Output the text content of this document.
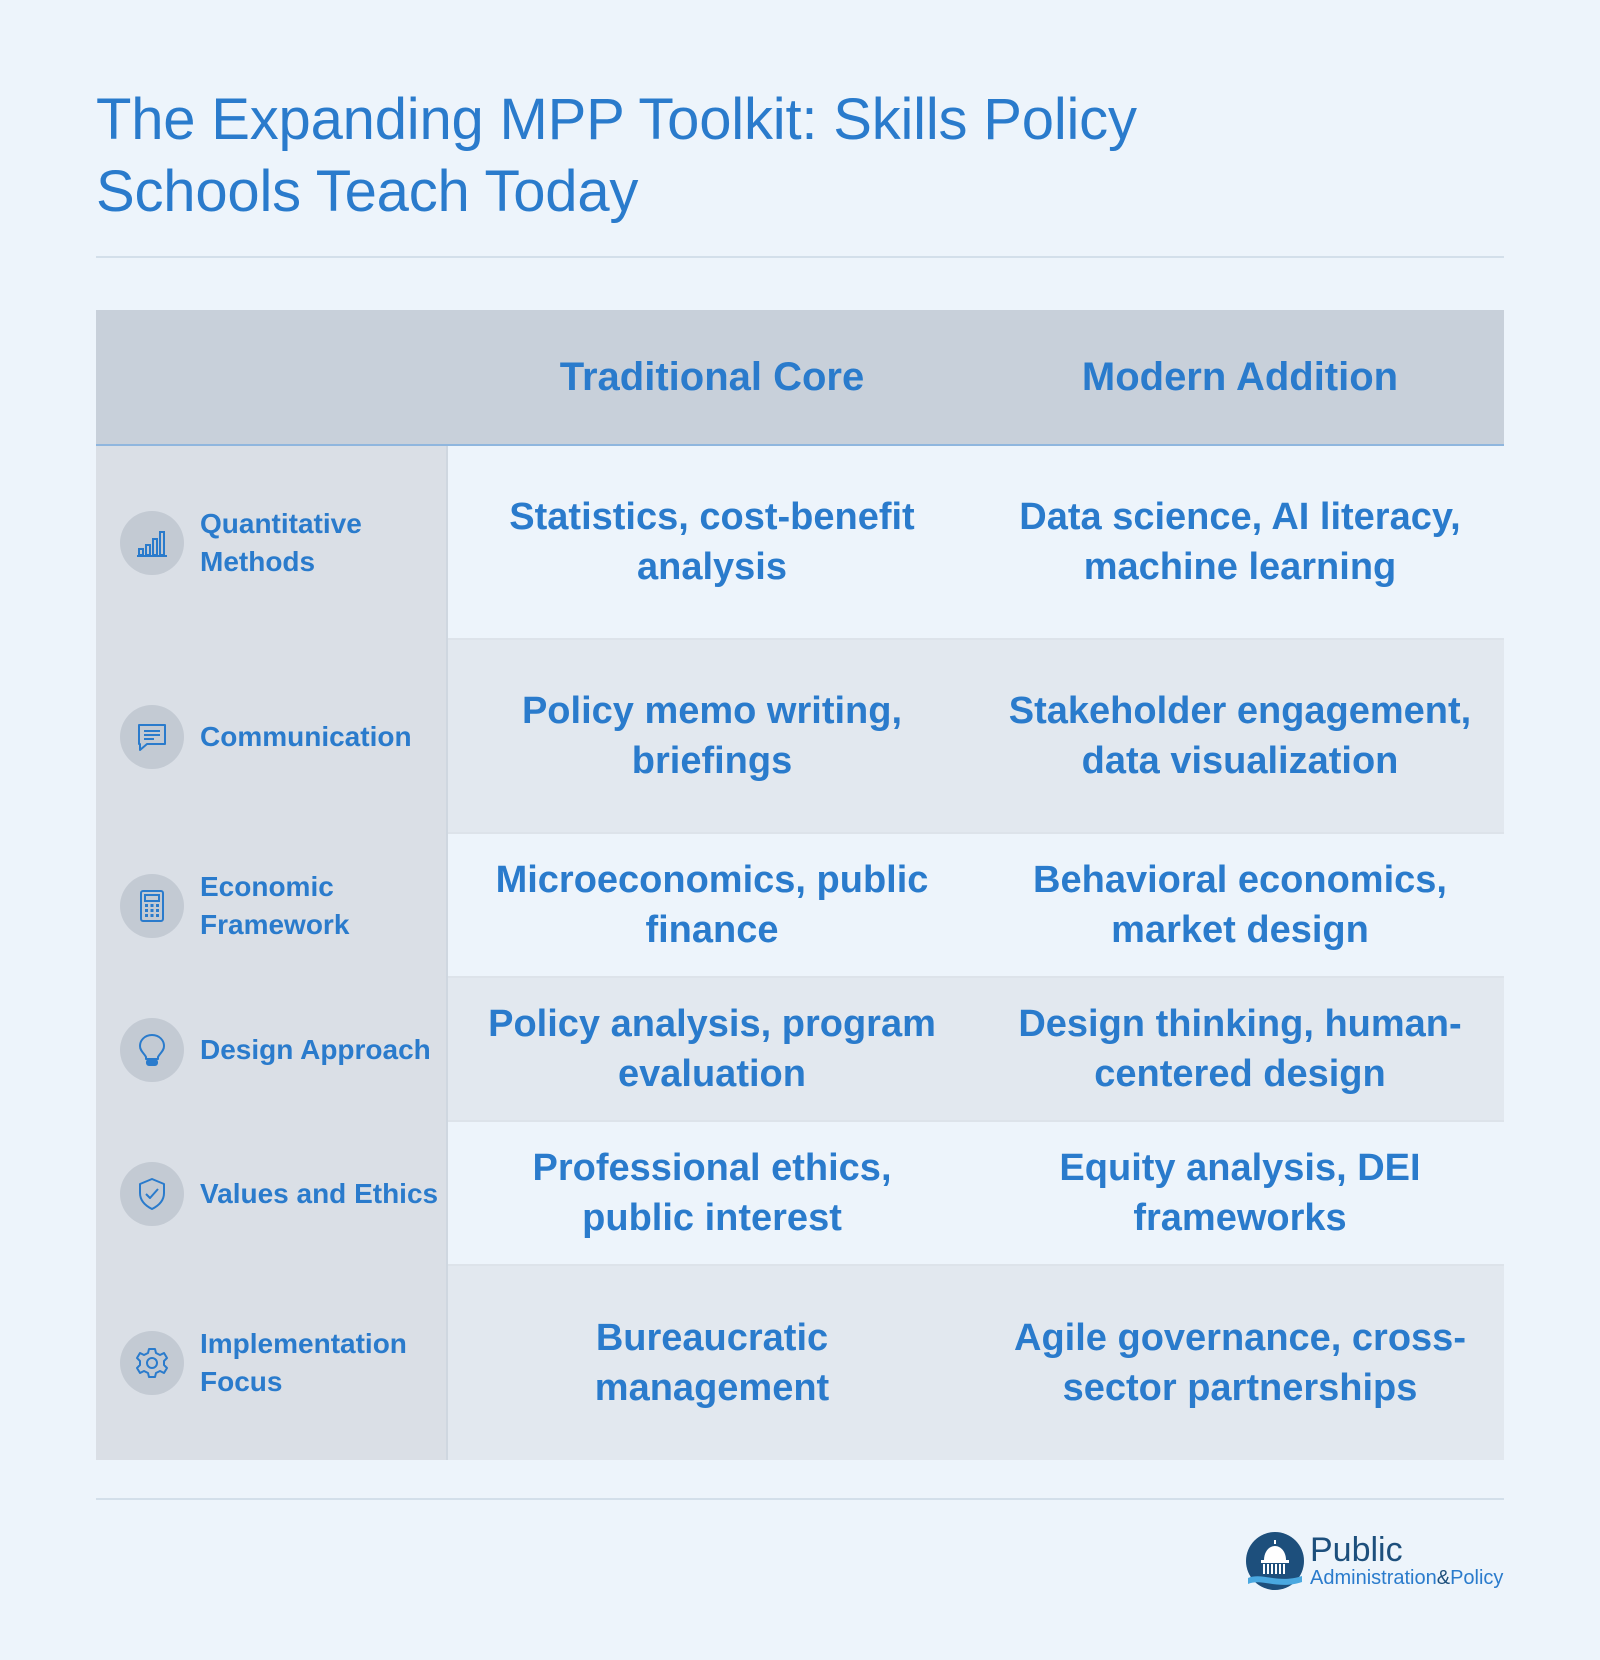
The Expanding MPP Toolkit: Skills Policy Schools Teach Today
Traditional Core	Modern Addition
Quantitative Methods
Communication
Economic Framework
Design Approach
Values and Ethics
Implementation Focus
Statistics, cost-benefit analysis
Data science, AI literacy, machine learning
Policy memo writing, briefings
Stakeholder engagement, data visualization
Microeconomics, public finance
Behavioral economics, market design
Policy analysis, program evaluation
Design thinking, human-centered design
Professional ethics, public interest
Equity analysis, DEI frameworks
Bureaucratic management
Agile governance, cross-sector partnerships
Public
Administration&Policy
